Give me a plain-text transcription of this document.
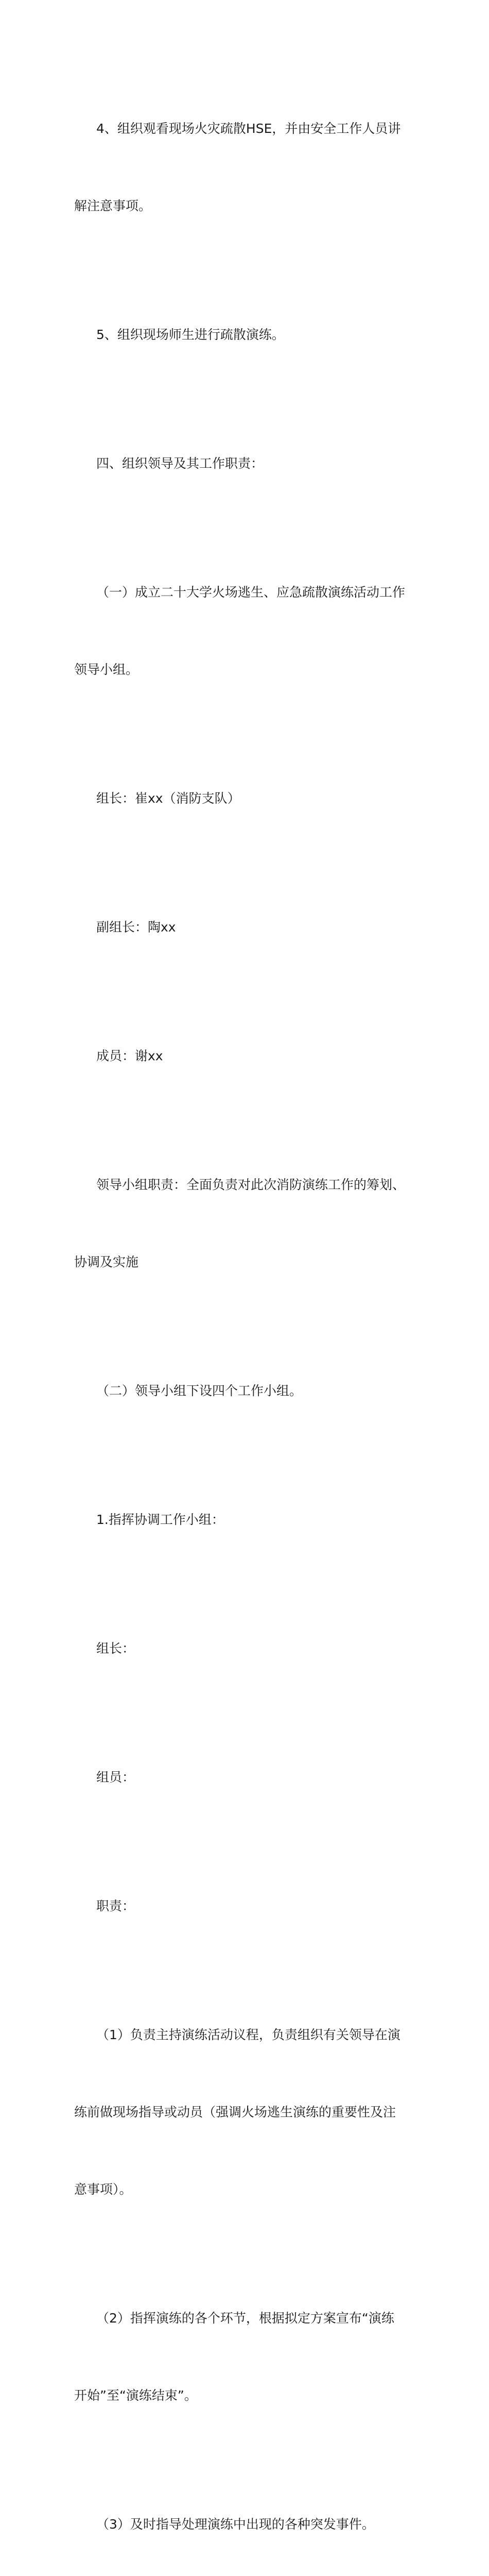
4、组织观看现场火灾疏散HSE，并由安全工作人员讲

解注意事项。

5、组织现场师生进行疏散演练。

四、组织领导及其工作职责：

（一）成立二十大学火场逃生、应急疏散演练活动工作

领导小组。

组长：崔xx（消防支队）

副组长：陶xx

成员：谢xx

领导小组职责：全面负责对此次消防演练工作的筹划、

协调及实施

（二）领导小组下设四个工作小组。

1.指挥协调工作小组：

组长：

组员：

职责：

（1）负责主持演练活动议程，负责组织有关领导在演

练前做现场指导或动员（强调火场逃生演练的重要性及注

意事项）。

（2）指挥演练的各个环节，根据拟定方案宣布“演练

开始”至“演练结束”。

（3）及时指导处理演练中出现的各种突发事件。
